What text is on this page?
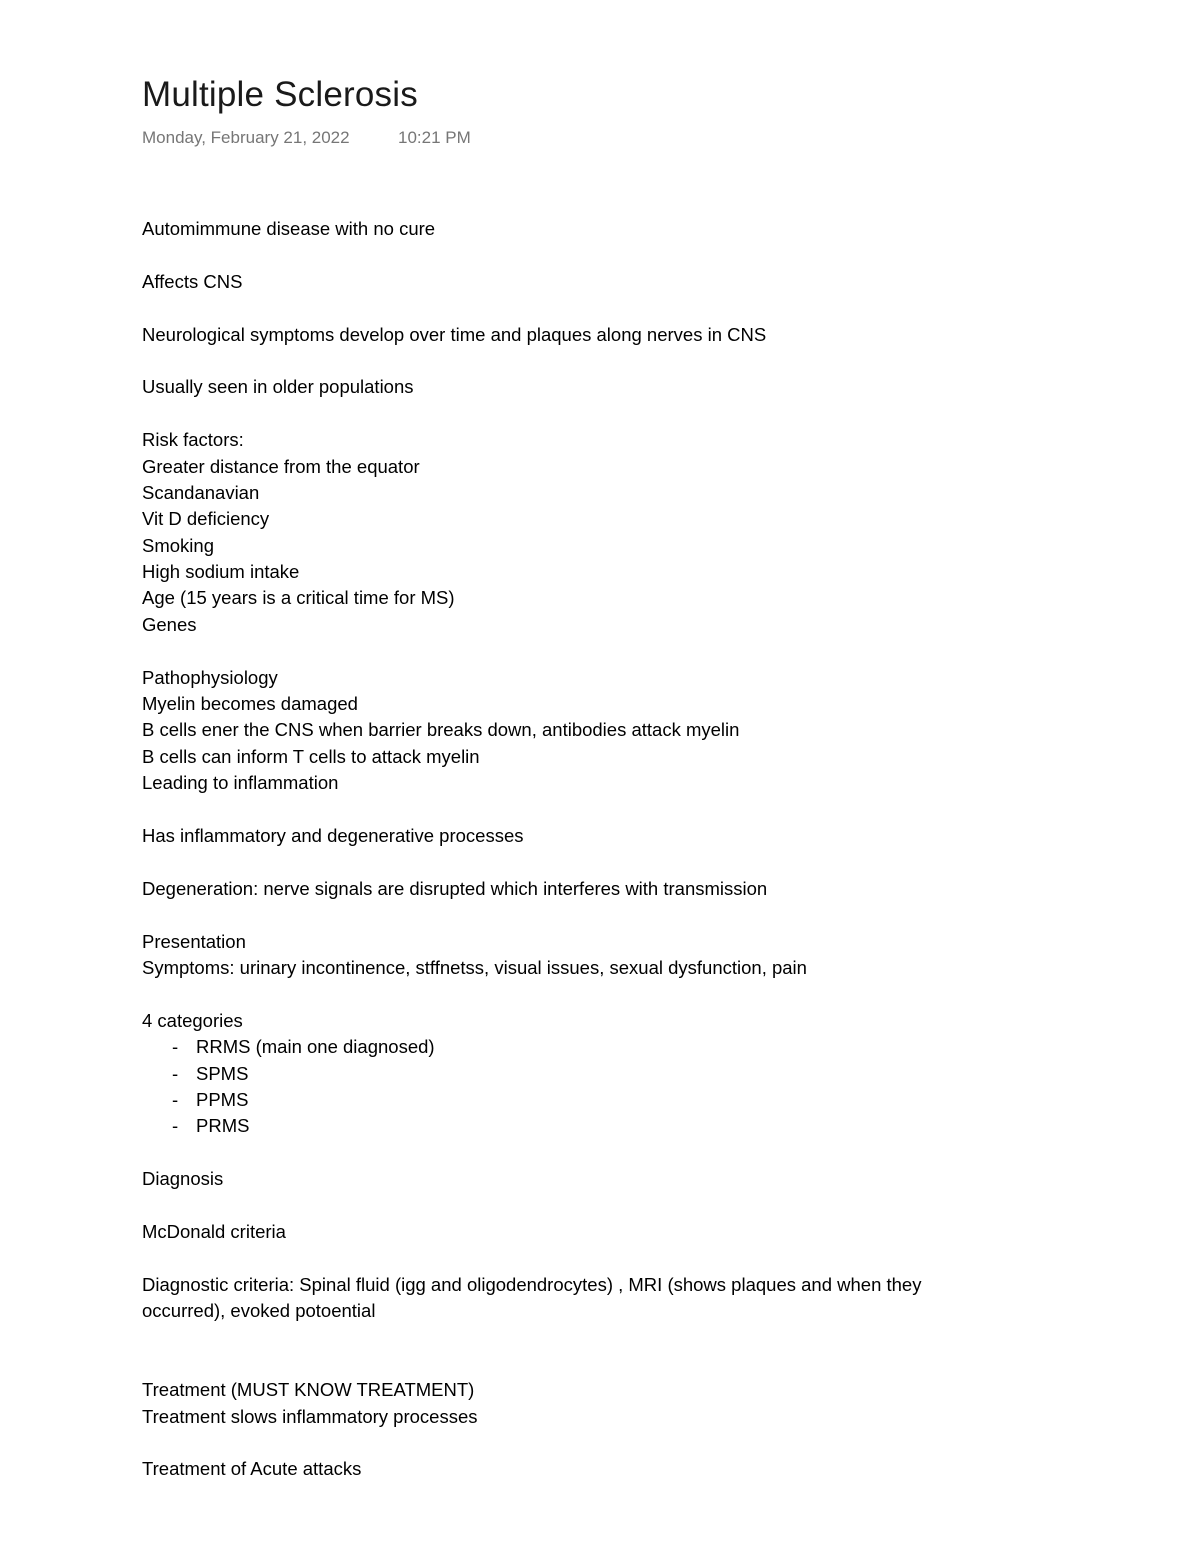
Multiple Sclerosis
Monday, February 21, 2022	10:21 PM
Automimmune disease with no cure
Affects CNS
Neurological symptoms develop over time and plaques along nerves in CNS
Usually seen in older populations
Risk factors:
Greater distance from the equator
Scandanavian
Vit D deficiency
Smoking
High sodium intake
Age (15 years is a critical time for MS)
Genes
Pathophysiology
Myelin becomes damaged
B cells ener the CNS when barrier breaks down, antibodies attack myelin
B cells can inform T cells to attack myelin
Leading to inflammation
Has inflammatory and degenerative processes
Degeneration: nerve signals are disrupted which interferes with transmission
Presentation
Symptoms: urinary incontinence, stffnetss, visual issues, sexual dysfunction, pain
4 categories
- RRMS (main one diagnosed)
- SPMS
- PPMS
- PRMS
Diagnosis
McDonald criteria
Diagnostic criteria: Spinal fluid (igg and oligodendrocytes) , MRI (shows plaques and when they
occurred), evoked potoential
Treatment (MUST KNOW TREATMENT)
Treatment slows inflammatory processes
Treatment of Acute attacks
